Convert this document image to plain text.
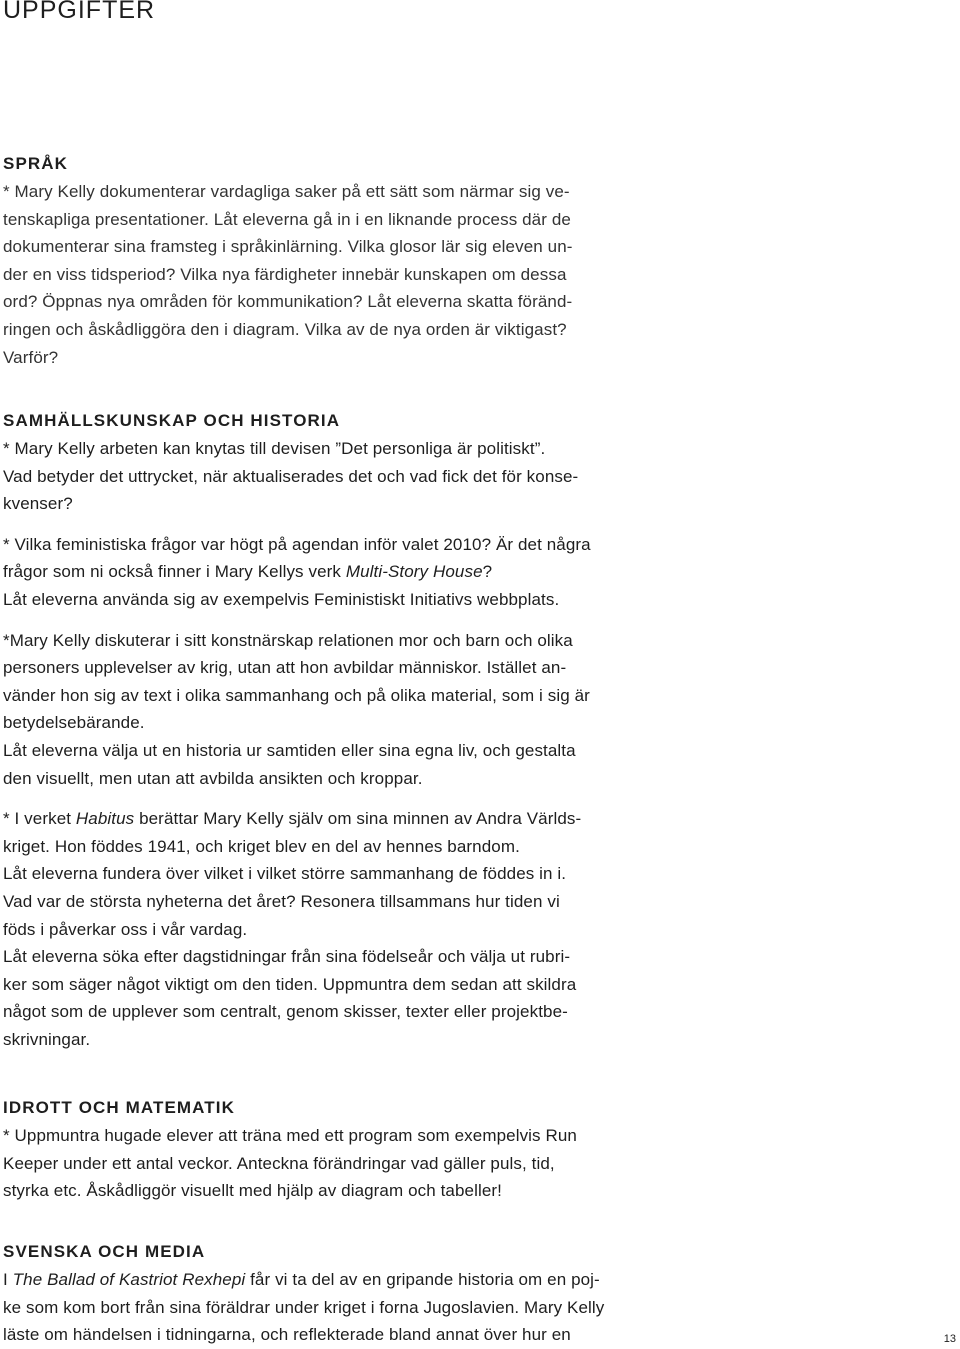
UPPGIFTER
SPRÅK

* Mary Kelly dokumenterar vardagliga saker på ett sätt som närmar sig ve-
tenskapliga presentationer. Låt eleverna gå in i en liknande process där de
dokumenterar sina framsteg i språkinlärning. Vilka glosor lär sig eleven un-
der en viss tidsperiod? Vilka nya färdigheter innebär kunskapen om dessa
ord? Öppnas nya områden för kommunikation? Låt eleverna skatta föränd-
ringen och åskådliggöra den i diagram. Vilka av de nya orden är viktigast?
Varför?

SAMHÄLLSKUNSKAP OCH HISTORIA

* Mary Kelly arbeten kan knytas till devisen ”Det personliga är politiskt”.
Vad betyder det uttrycket, när aktualiserades det och vad fick det för konse-
kvenser?

* Vilka feministiska frågor var högt på agendan inför valet 2010? Är det några
frågor som ni också finner i Mary Kellys verk Multi-Story House?
Låt eleverna använda sig av exempelvis Feministiskt Initiativs webbplats.

*Mary Kelly diskuterar i sitt konstnärskap relationen mor och barn och olika
personers upplevelser av krig, utan att hon avbildar människor. Istället an-
vänder hon sig av text i olika sammanhang och på olika material, som i sig är
betydelsebärande.
Låt eleverna välja ut en historia ur samtiden eller sina egna liv, och gestalta
den visuellt, men utan att avbilda ansikten och kroppar.

* I verket Habitus berättar Mary Kelly själv om sina minnen av Andra Världs-
kriget. Hon föddes 1941, och kriget blev en del av hennes barndom.
Låt eleverna fundera över vilket i vilket större sammanhang de föddes in i.
Vad var de största nyheterna det året? Resonera tillsammans hur tiden vi
föds i påverkar oss i vår vardag.
Låt eleverna söka efter dagstidningar från sina födelseår och välja ut rubri-
ker som säger något viktigt om den tiden. Uppmuntra dem sedan att skildra
något som de upplever som centralt, genom skisser, texter eller projektbe-
skrivningar.

IDROTT OCH MATEMATIK

* Uppmuntra hugade elever att träna med ett program som exempelvis Run
Keeper under ett antal veckor. Anteckna förändringar vad gäller puls, tid,
styrka etc. Åskådliggör visuellt med hjälp av diagram och tabeller!

SVENSKA OCH MEDIA

I The Ballad of Kastriot Rexhepi får vi ta del av en gripande historia om en poj-
ke som kom bort från sina föräldrar under kriget i forna Jugoslavien. Mary Kelly
läste om händelsen i tidningarna, och reflekterade bland annat över hur en	13
